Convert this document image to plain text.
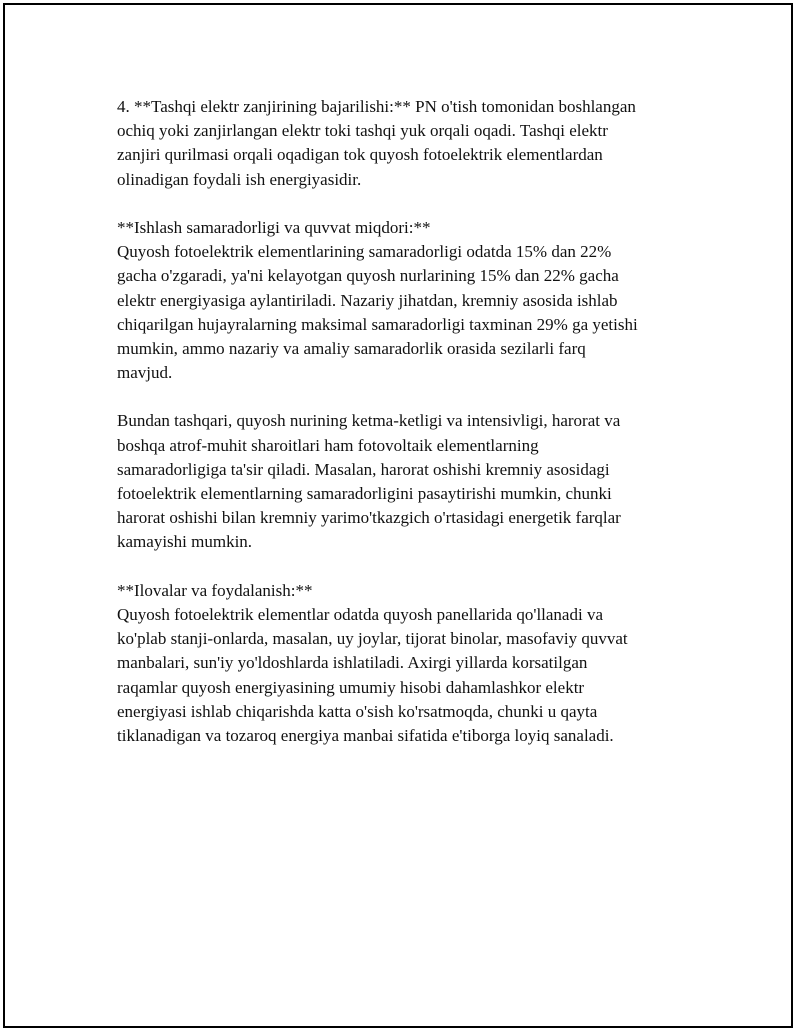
4. **Tashqi elektr zanjirining bajarilishi:** PN o'tish tomonidan boshlangan
ochiq yoki zanjirlangan elektr toki tashqi yuk orqali oqadi. Tashqi elektr
zanjiri qurilmasi orqali oqadigan tok quyosh fotoelektrik elementlardan
olinadigan foydali ish energiyasidir.
**Ishlash samaradorligi va quvvat miqdori:**
Quyosh fotoelektrik elementlarining samaradorligi odatda 15% dan 22%
gacha o'zgaradi, ya'ni kelayotgan quyosh nurlarining 15% dan 22% gacha
elektr energiyasiga aylantiriladi. Nazariy jihatdan, kremniy asosida ishlab
chiqarilgan hujayralarning maksimal samaradorligi taxminan 29% ga yetishi
mumkin, ammo nazariy va amaliy samaradorlik orasida sezilarli farq
mavjud.
Bundan tashqari, quyosh nurining ketma-ketligi va intensivligi, harorat va
boshqa atrof-muhit sharoitlari ham fotovoltaik elementlarning
samaradorligiga ta'sir qiladi. Masalan, harorat oshishi kremniy asosidagi
fotoelektrik elementlarning samaradorligini pasaytirishi mumkin, chunki
harorat oshishi bilan kremniy yarimo'tkazgich o'rtasidagi energetik farqlar
kamayishi mumkin.
**Ilovalar va foydalanish:**
Quyosh fotoelektrik elementlar odatda quyosh panellarida qo'llanadi va
ko'plab stanji-onlarda, masalan, uy joylar, tijorat binolar, masofaviy quvvat
manbalari, sun'iy yo'ldoshlarda ishlatiladi. Axirgi yillarda korsatilgan
raqamlar quyosh energiyasining umumiy hisobi dahamlashkor elektr
energiyasi ishlab chiqarishda katta o'sish ko'rsatmoqda, chunki u qayta
tiklanadigan va tozaroq energiya manbai sifatida e'tiborga loyiq sanaladi.
